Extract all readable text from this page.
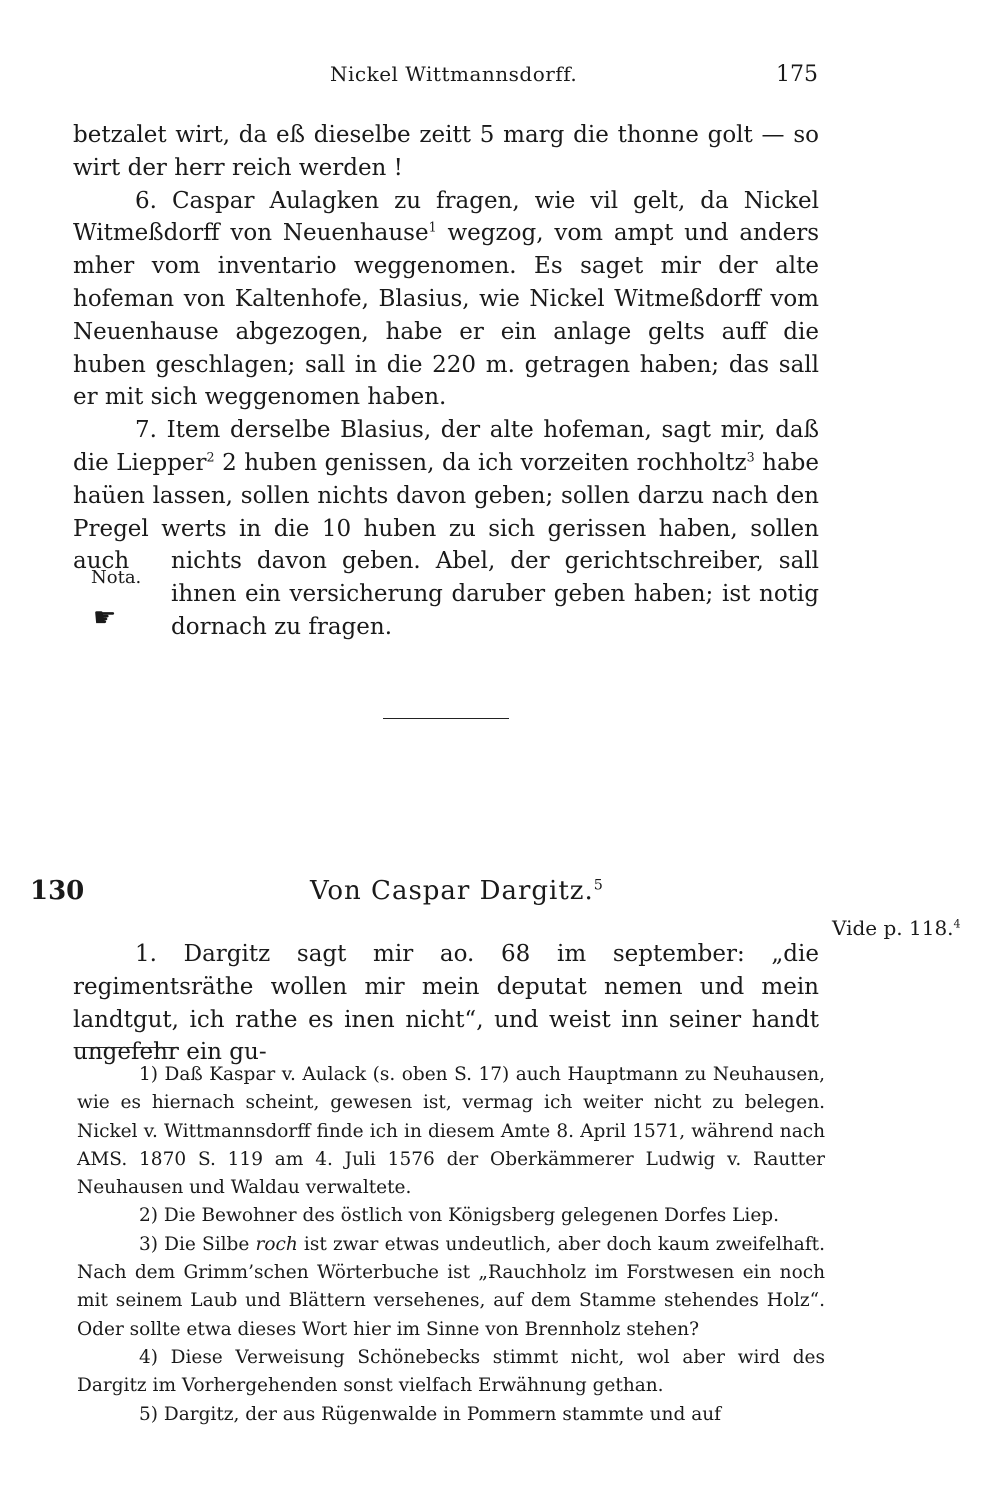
Nickel Wittmannsdorff.	175

betzalet wirt, da eß dieselbe zeitt 5 marg die thonne golt — so wirt der herr reich werden !

6. Caspar Aulagken zu fragen, wie vil gelt, da Nickel Witmeßdorff von Neuenhause$^1$ wegzog, vom ampt und anders mher vom inventario weggenomen. Es saget mir der alte hofeman von Kaltenhofe, Blasius, wie Nickel Witmeßdorff vom Neuenhause abgezogen, habe er ein anlage gelts auff die huben geschlagen; sall in die 220 m. getragen haben; das sall er mit sich weggenomen haben.

7. Item derselbe Blasius, der alte hofeman, sagt mir, daß die Liepper$^2$ 2 huben genissen, da ich vorzeiten rochholtz$^3$ habe haüen lassen, sollen nichts davon geben; sollen darzu nach den Pregel werts in die 10 huben zu sich gerissen haben, sollen auch

Nota.
☛

nichts davon geben. Abel, der gerichtschreiber, sall ihnen ein versicherung daruber geben haben; ist notig dornach zu fragen.

130	Von Caspar Dargitz.$^5$
Vide p. 118.$^4$

1. Dargitz sagt mir ao. 68 im september: „die regimentsräthe wollen mir mein deputat nemen und mein landtgut, ich rathe es inen nicht“, und weist inn seiner handt ungefehr ein gu-

1) Daß Kaspar v. Aulack (s. oben S. 17) auch Hauptmann zu Neuhausen, wie es hiernach scheint, gewesen ist, vermag ich weiter nicht zu belegen. Nickel v. Wittmannsdorff finde ich in diesem Amte 8. April 1571, während nach AMS. 1870 S. 119 am 4. Juli 1576 der Oberkämmerer Ludwig v. Rautter Neuhausen und Waldau verwaltete.

2) Die Bewohner des östlich von Königsberg gelegenen Dorfes Liep.

3) Die Silbe roch ist zwar etwas undeutlich, aber doch kaum zweifelhaft. Nach dem Grimm’schen Wörterbuche ist „Rauchholz im Forstwesen ein noch mit seinem Laub und Blättern versehenes, auf dem Stamme stehendes Holz“. Oder sollte etwa dieses Wort hier im Sinne von Brennholz stehen?

4) Diese Verweisung Schönebecks stimmt nicht, wol aber wird des Dargitz im Vorhergehenden sonst vielfach Erwähnung gethan.

5) Dargitz, der aus Rügenwalde in Pommern stammte und auf
